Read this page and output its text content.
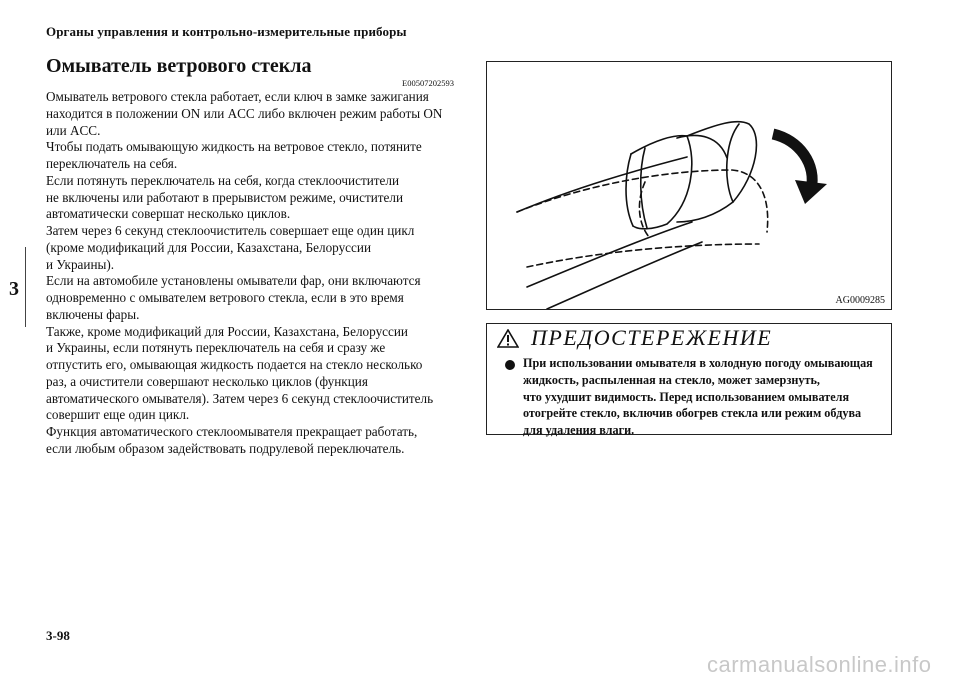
Органы управления и контрольно-измерительные приборы
3
Омыватель ветрового стекла
E00507202593
Омыватель ветрового стекла работает, если ключ в замке зажигания
находится в положении ON или ACC либо включен режим работы ON
или ACC.
Чтобы подать омывающую жидкость на ветровое стекло, потяните
переключатель на себя.
Если потянуть переключатель на себя, когда стеклоочистители
не включены или работают в прерывистом режиме, очистители
автоматически совершат несколько циклов.
Затем через 6 секунд стеклоочиститель совершает еще один цикл
(кроме модификаций для России, Казахстана, Белоруссии
и Украины).
Если на автомобиле установлены омыватели фар, они включаются
одновременно с омывателем ветрового стекла, если в это время
включены фары.
Также, кроме модификаций для России, Казахстана, Белоруссии
и Украины, если потянуть переключатель на себя и сразу же
отпустить его, омывающая жидкость подается на стекло несколько
раз, а очистители совершают несколько циклов (функция
автоматического омывателя). Затем через 6 секунд стеклоочиститель
совершит еще один цикл.
Функция автоматического стеклоомывателя прекращает работать,
если любым образом задействовать подрулевой переключатель.
AG0009285
ПРЕДОСТЕРЕЖЕНИЕ
При использовании омывателя в холодную погоду омывающая
жидкость, распыленная на стекло, может замерзнуть,
что ухудшит видимость. Перед использованием омывателя
отогрейте стекло, включив обогрев стекла или режим обдува
для удаления влаги.
3-98
carmanualsonline.info
